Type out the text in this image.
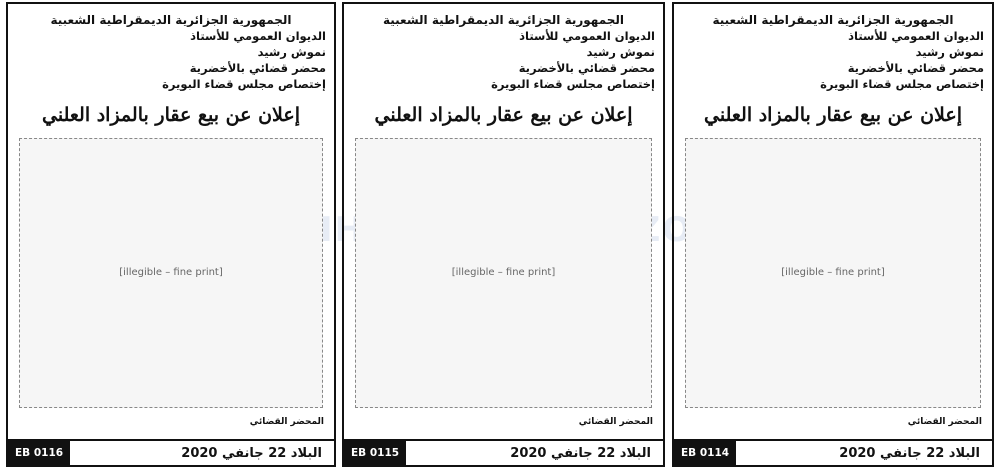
الجمهورية الجزائرية الديمقراطية الشعبية
الديوان العمومي للأستاذ
نموش رشيد
محضر قضائي بالأخضرية
إختصاص مجلس قضاء البويرة
إعلان عن بيع عقار بالمزاد العلني
[illegible – fine print]
المحضر القضائي
EB 0114	البلاد 22 جانفي 2020
الجمهورية الجزائرية الديمقراطية الشعبية
الديوان العمومي للأستاذ
نموش رشيد
محضر قضائي بالأخضرية
إختصاص مجلس قضاء البويرة
إعلان عن بيع عقار بالمزاد العلني
[illegible – fine print]
المحضر القضائي
EB 0115	البلاد 22 جانفي 2020
الجمهورية الجزائرية الديمقراطية الشعبية
الديوان العمومي للأستاذ
نموش رشيد
محضر قضائي بالأخضرية
إختصاص مجلس قضاء البويرة
إعلان عن بيع عقار بالمزاد العلني
[illegible – fine print]
المحضر القضائي
EB 0116	البلاد 22 جانفي 2020
